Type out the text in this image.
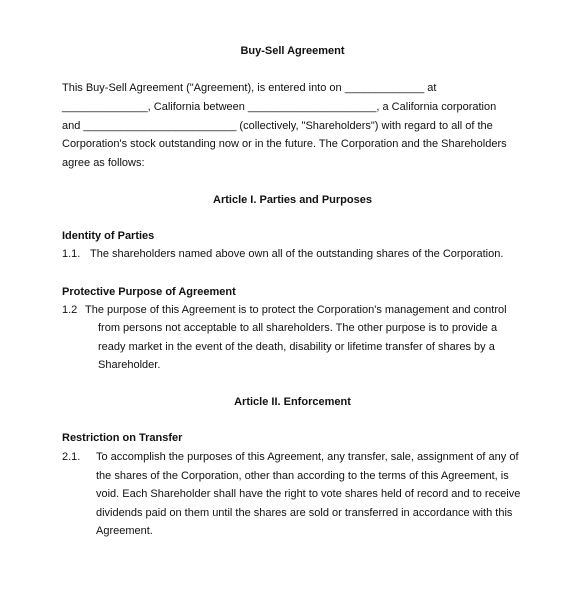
Buy-Sell Agreement
This Buy-Sell Agreement ("Agreement), is entered into on _____________ at
______________, California between _____________________, a California corporation
and _________________________ (collectively, "Shareholders") with regard to all of the
Corporation's stock outstanding now or in the future. The Corporation and the Shareholders
agree as follows:
Article I. Parties and Purposes
Identity of Parties
1.1. The shareholders named above own all of the outstanding shares of the Corporation.
Protective Purpose of Agreement
1.2 The purpose of this Agreement is to protect the Corporation's management and control
from persons not acceptable to all shareholders. The other purpose is to provide a
ready market in the event of the death, disability or lifetime transfer of shares by a
Shareholder.
Article II. Enforcement
Restriction on Transfer
2.1. To accomplish the purposes of this Agreement, any transfer, sale, assignment of any of
the shares of the Corporation, other than according to the terms of this Agreement, is
void. Each Shareholder shall have the right to vote shares held of record and to receive
dividends paid on them until the shares are sold or transferred in accordance with this
Agreement.
